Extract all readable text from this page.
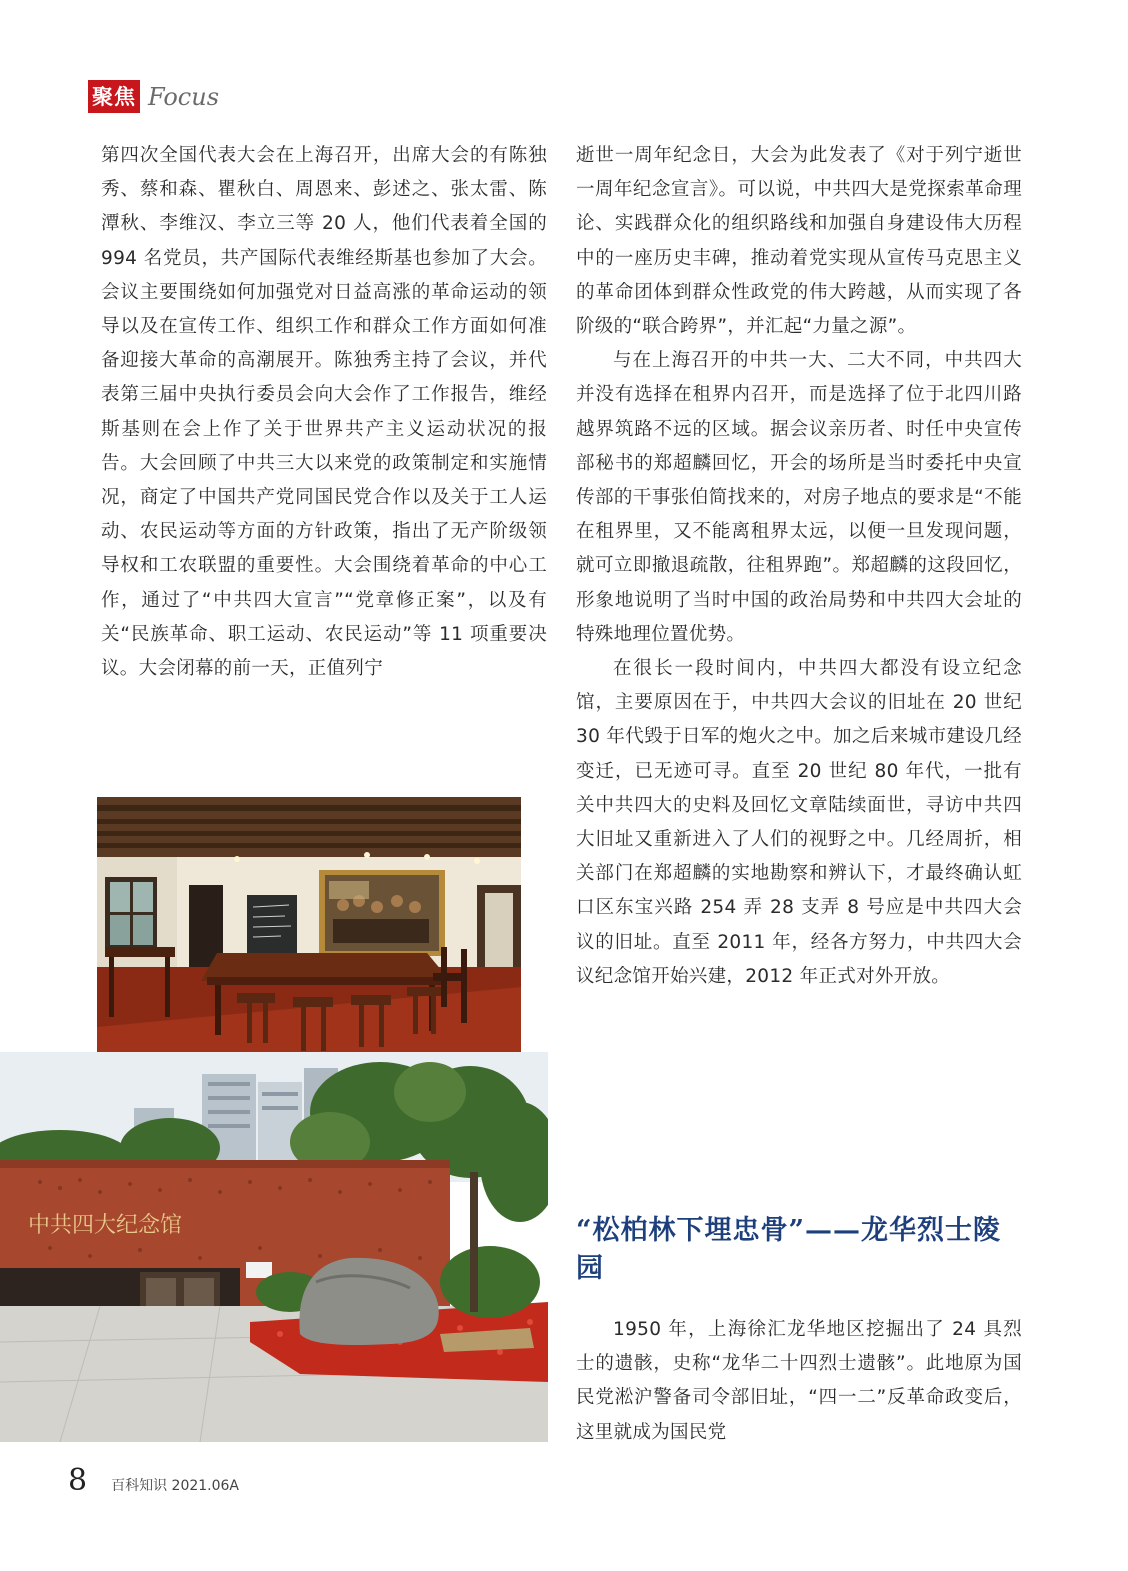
聚焦 Focus

第四次全国代表大会在上海召开，出席大会的有陈独秀、蔡和森、瞿秋白、周恩来、彭述之、张太雷、陈潭秋、李维汉、李立三等 20 人，他们代表着全国的 994 名党员，共产国际代表维经斯基也参加了大会。会议主要围绕如何加强党对日益高涨的革命运动的领导以及在宣传工作、组织工作和群众工作方面如何准备迎接大革命的高潮展开。陈独秀主持了会议，并代表第三届中央执行委员会向大会作了工作报告，维经斯基则在会上作了关于世界共产主义运动状况的报告。大会回顾了中共三大以来党的政策制定和实施情况，商定了中国共产党同国民党合作以及关于工人运动、农民运动等方面的方针政策，指出了无产阶级领导权和工农联盟的重要性。大会围绕着革命的中心工作，通过了“中共四大宣言”“党章修正案”，以及有关“民族革命、职工运动、农民运动”等 11 项重要决议。大会闭幕的前一天，正值列宁

中共四大纪念馆

逝世一周年纪念日，大会为此发表了《对于列宁逝世一周年纪念宣言》。可以说，中共四大是党探索革命理论、实践群众化的组织路线和加强自身建设伟大历程中的一座历史丰碑，推动着党实现从宣传马克思主义的革命团体到群众性政党的伟大跨越，从而实现了各阶级的“联合跨界”，并汇起“力量之源”。

与在上海召开的中共一大、二大不同，中共四大并没有选择在租界内召开，而是选择了位于北四川路越界筑路不远的区域。据会议亲历者、时任中央宣传部秘书的郑超麟回忆，开会的场所是当时委托中央宣传部的干事张伯简找来的，对房子地点的要求是“不能在租界里，又不能离租界太远，以便一旦发现问题，就可立即撤退疏散，往租界跑”。郑超麟的这段回忆，形象地说明了当时中国的政治局势和中共四大会址的特殊地理位置优势。

在很长一段时间内，中共四大都没有设立纪念馆，主要原因在于，中共四大会议的旧址在 20 世纪 30 年代毁于日军的炮火之中。加之后来城市建设几经变迁，已无迹可寻。直至 20 世纪 80 年代，一批有关中共四大的史料及回忆文章陆续面世，寻访中共四大旧址又重新进入了人们的视野之中。几经周折，相关部门在郑超麟的实地勘察和辨认下，才最终确认虹口区东宝兴路 254 弄 28 支弄 8 号应是中共四大会议的旧址。直至 2011 年，经各方努力，中共四大会议纪念馆开始兴建，2012 年正式对外开放。

“松柏林下埋忠骨”——龙华烈士陵园

1950 年，上海徐汇龙华地区挖掘出了 24 具烈士的遗骸，史称“龙华二十四烈士遗骸”。此地原为国民党淞沪警备司令部旧址，“四一二”反革命政变后，这里就成为国民党

8 百科知识 2021.06A
